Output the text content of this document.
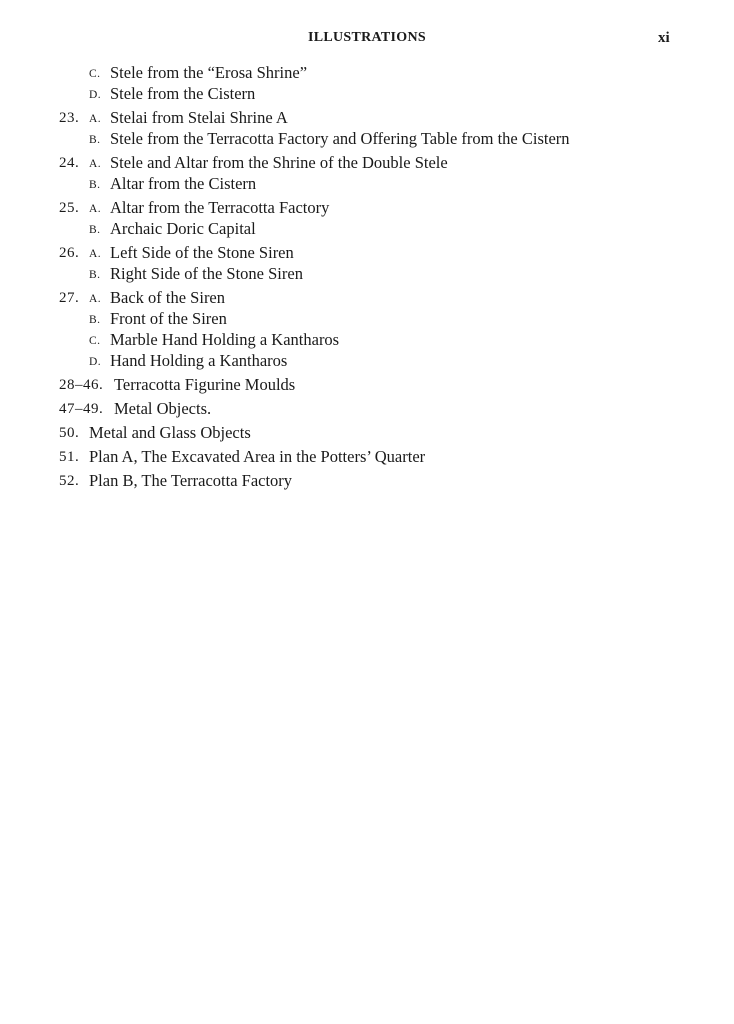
ILLUSTRATIONS	xi
C. Stele from the “Erosa Shrine”
D. Stele from the Cistern
23. A. Stelai from Stelai Shrine A
B. Stele from the Terracotta Factory and Offering Table from the Cistern
24. A. Stele and Altar from the Shrine of the Double Stele
B. Altar from the Cistern
25. A. Altar from the Terracotta Factory
B. Archaic Doric Capital
26. A. Left Side of the Stone Siren
B. Right Side of the Stone Siren
27. A. Back of the Siren
B. Front of the Siren
C. Marble Hand Holding a Kantharos
D. Hand Holding a Kantharos
28–46. Terracotta Figurine Moulds
47–49. Metal Objects.
50. Metal and Glass Objects
51. Plan A, The Excavated Area in the Potters’ Quarter
52. Plan B, The Terracotta Factory
